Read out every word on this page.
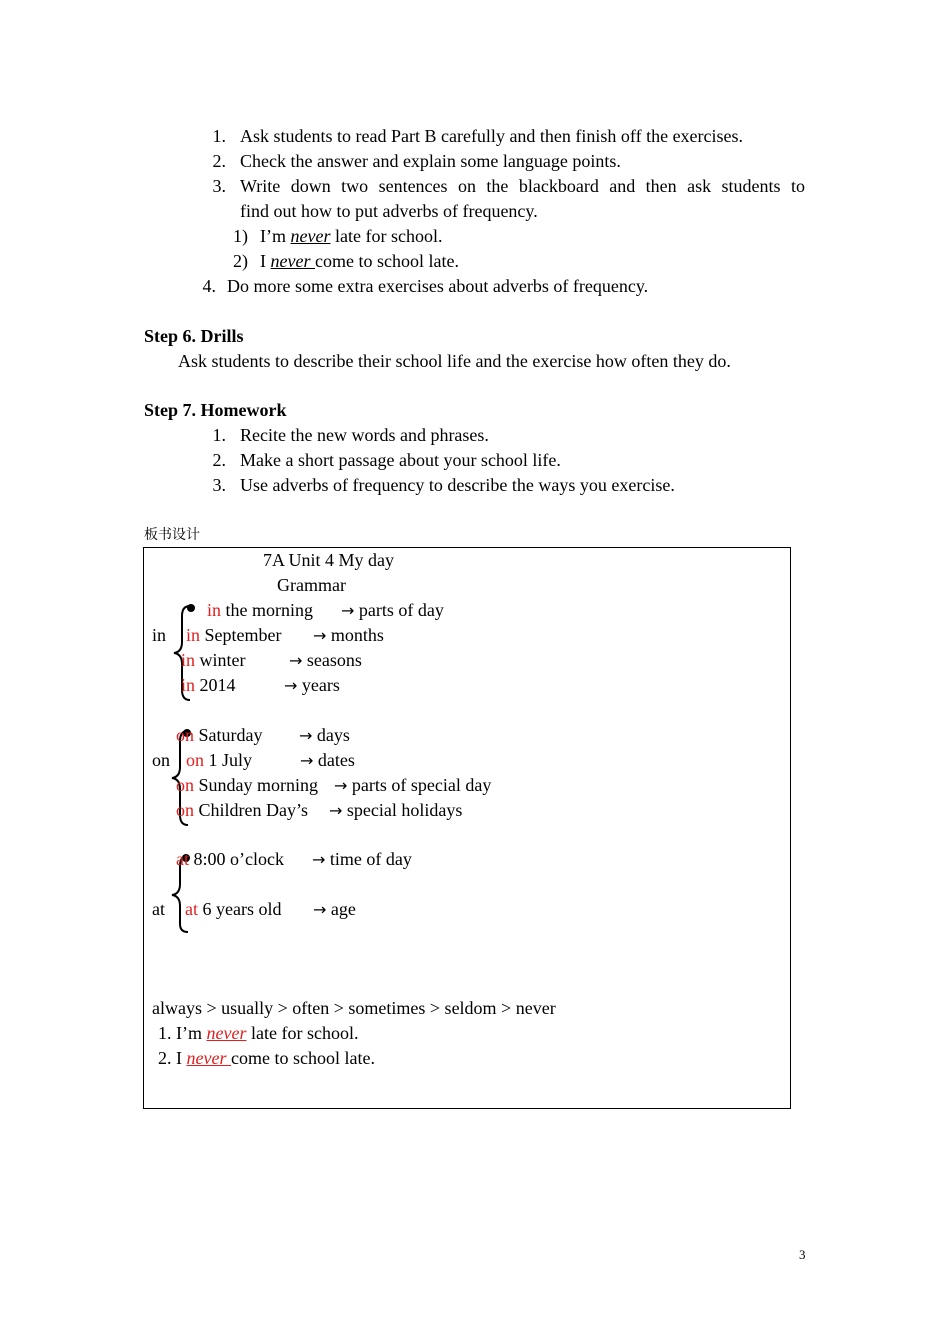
1. Ask students to read Part B carefully and then finish off the exercises.
2. Check the answer and explain some language points.
3. Write down two sentences on the blackboard and then ask students to
find out how to put adverbs of frequency.
1) I’m never late for school.
2) I never come to school late.
4. Do more some extra exercises about adverbs of frequency.
Step 6. Drills
Ask students to describe their school life and the exercise how often they do.
Step 7. Homework
1. Recite the new words and phrases.
2. Make a short passage about your school life.
3. Use adverbs of frequency to describe the ways you exercise.
板书设计
7A Unit 4 My day
Grammar
in
in the morning → parts of day
in September → months
in winter	→ seasons
in 2014	→ years
on
on Saturday → days
on 1 July	→ dates
on Sunday morning → parts of special day
on Children Day’s → special holidays
at
at 8:00 o’clock → time of day
at 6 years old → age
always > usually > often > sometimes > seldom > never
1. I’m never late for school.
2. I never come to school late.
3
